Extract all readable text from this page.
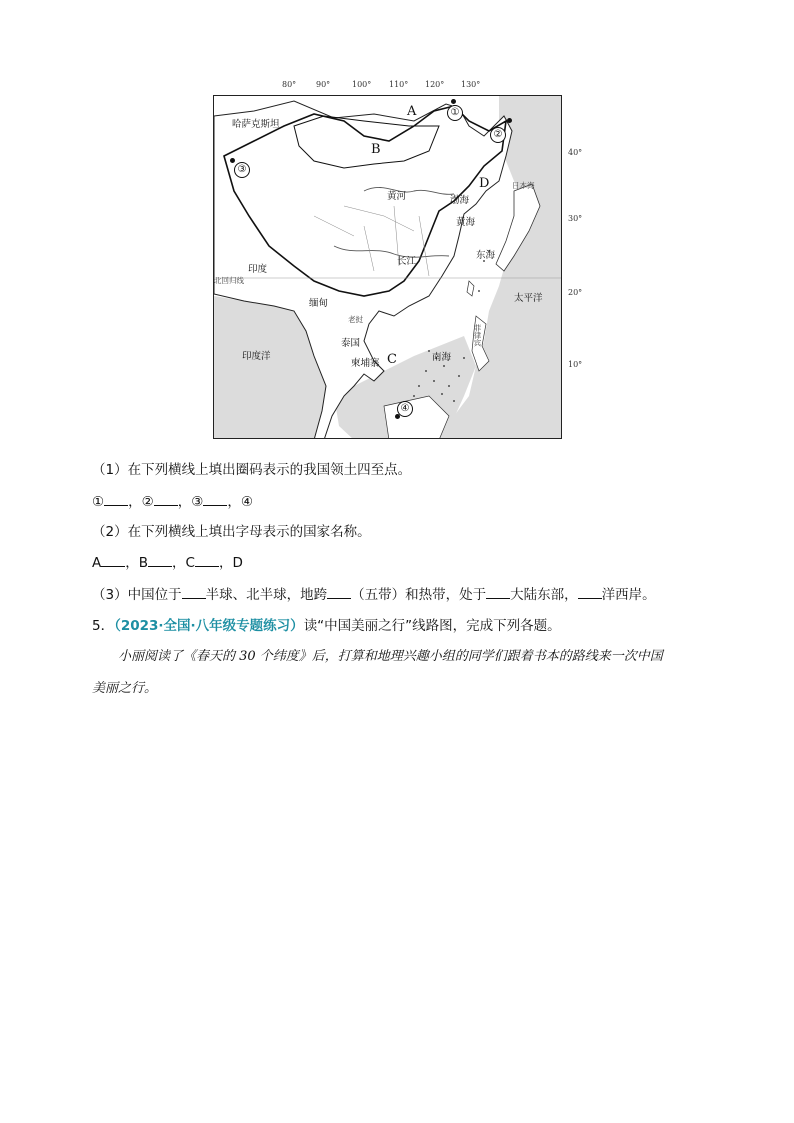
80° 90°	100° 110° 120° 130°
40°
30°
20°
10°
哈萨克斯坦
A
B
C
D
黄河	渤海
黄海
东海
长江
太平洋
日本海
菲律宾
印度
北回归线
缅甸
老挝
泰国
柬埔寨
印度洋	南海
①
②
③
④
（1）在下列横线上填出圈码表示的我国领土四至点。
① ，② ，③ ，④
（2）在下列横线上填出字母表示的国家名称。
A ，B ，C ，D
（3）中国位于 半球、北半球，地跨 （五带）和热带，处于 大陆东部， 洋西岸。
5．（2023·全国·八年级专题练习）读“中国美丽之行”线路图，完成下列各题。
小丽阅读了《春天的 30 个纬度》后，打算和地理兴趣小组的同学们跟着书本的路线来一次中国
美丽之行。
